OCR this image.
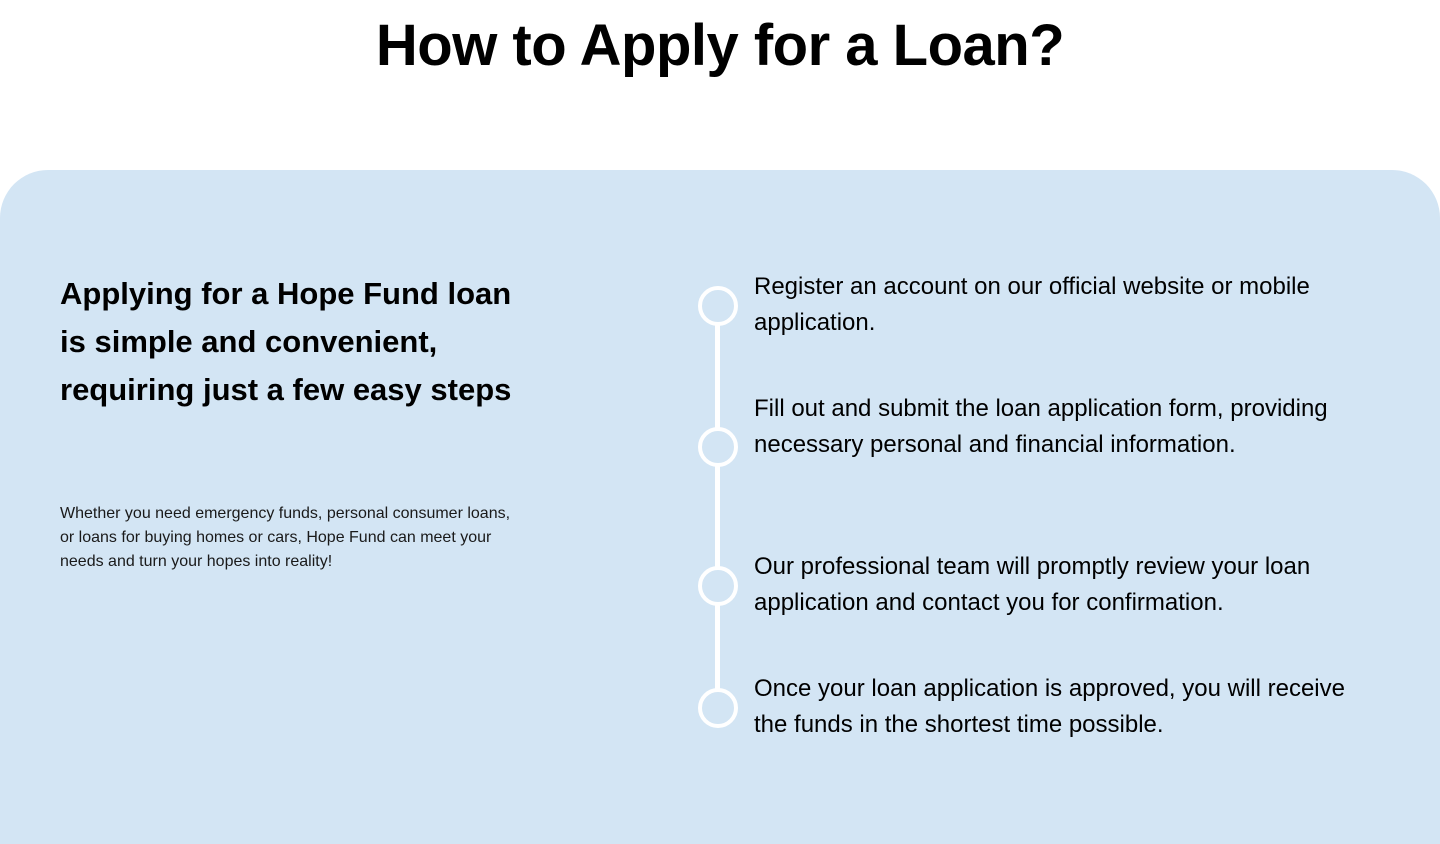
How to Apply for a Loan?
Applying for a Hope Fund loan is simple and convenient, requiring just a few easy steps

Whether you need emergency funds, personal consumer loans, or loans for buying homes or cars, Hope Fund can meet your needs and turn your hopes into reality!

Register an account on our official website or mobile application.

Fill out and submit the loan application form, providing necessary personal and financial information.

Our professional team will promptly review your loan application and contact you for confirmation.

Once your loan application is approved, you will receive the funds in the shortest time possible.
